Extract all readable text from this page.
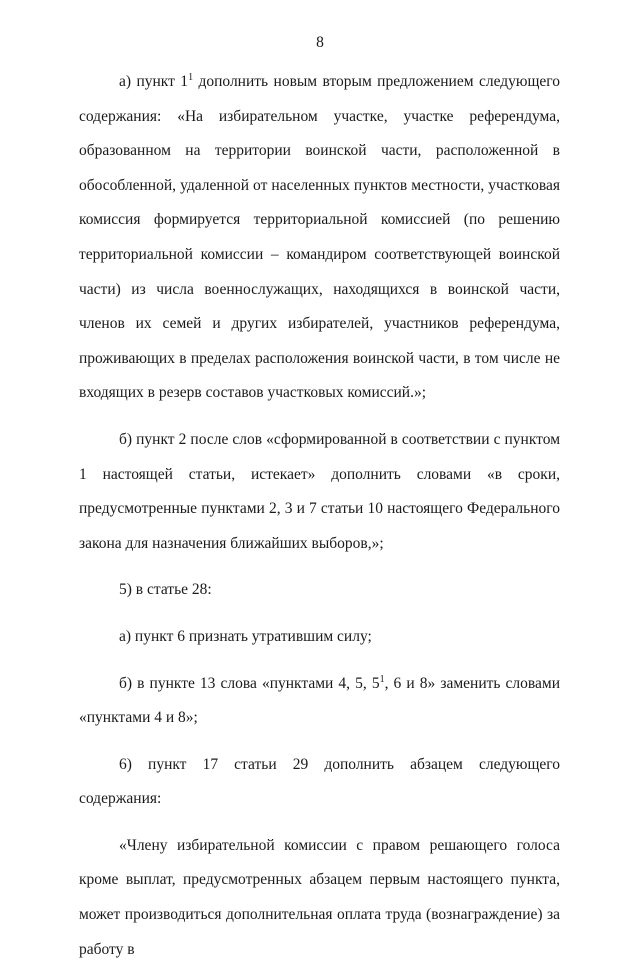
8

а) пункт $1^1$ дополнить новым вторым предложением следующего содержания: «На избирательном участке, участке референдума, образованном на территории воинской части, расположенной в обособленной, удаленной от населенных пунктов местности, участковая комиссия формируется территориальной комиссией (по решению территориальной комиссии – командиром соответствующей воинской части) из числа военнослужащих, находящихся в воинской части, членов их семей и других избирателей, участников референдума, проживающих в пределах расположения воинской части, в том числе не входящих в резерв составов участковых комиссий.»;

б) пункт 2 после слов «сформированной в соответствии с пунктом 1 настоящей статьи, истекает» дополнить словами «в сроки, предусмотренные пунктами 2, 3 и 7 статьи 10 настоящего Федерального закона для назначения ближайших выборов,»;

5) в статье 28:

а) пункт 6 признать утратившим силу;

б) в пункте 13 слова «пунктами 4, 5, $5^1$, 6 и 8» заменить словами «пунктами 4 и 8»;

6) пункт 17 статьи 29 дополнить абзацем следующего содержания:

«Члену избирательной комиссии с правом решающего голоса кроме выплат, предусмотренных абзацем первым настоящего пункта, может производиться дополнительная оплата труда (вознаграждение) за работу в
